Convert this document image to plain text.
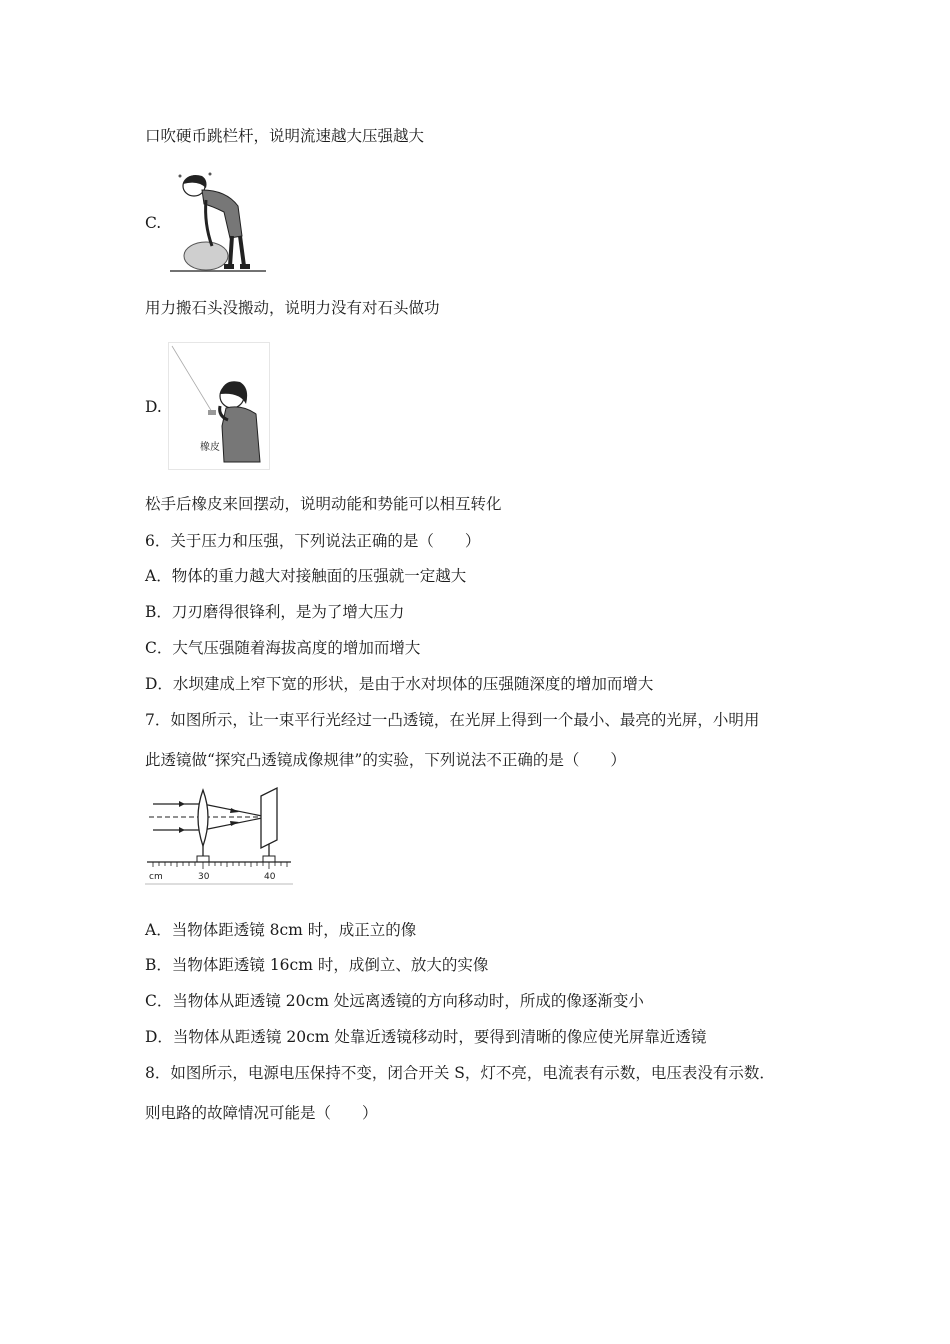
口吹硬币跳栏杆，说明流速越大压强越大
C.
用力搬石头没搬动，说明力没有对石头做功
D.
橡皮
松手后橡皮来回摆动，说明动能和势能可以相互转化
6．关于压力和压强，下列说法正确的是（　　）
A．物体的重力越大对接触面的压强就一定越大
B．刀刃磨得很锋利，是为了增大压力
C．大气压强随着海拔高度的增加而增大
D．水坝建成上窄下宽的形状，是由于水对坝体的压强随深度的增加而增大
7．如图所示，让一束平行光经过一凸透镜，在光屏上得到一个最小、最亮的光屏，小明用
此透镜做“探究凸透镜成像规律”的实验，下列说法不正确的是（　　）
cm	30	40
A．当物体距透镜 8cm 时，成正立的像
B．当物体距透镜 16cm 时，成倒立、放大的实像
C．当物体从距透镜 20cm 处远离透镜的方向移动时，所成的像逐渐变小
D．当物体从距透镜 20cm 处靠近透镜移动时，要得到清晰的像应使光屏靠近透镜
8．如图所示，电源电压保持不变，闭合开关 S，灯不亮，电流表有示数，电压表没有示数．
则电路的故障情况可能是（　　）
